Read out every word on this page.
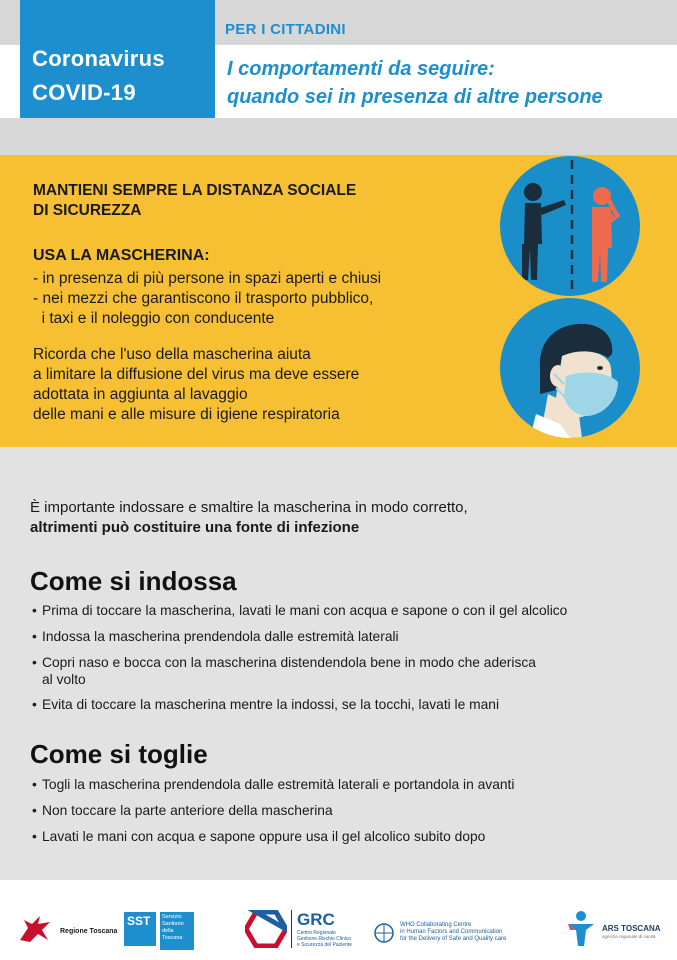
Coronavirus
COVID-19
PER I CITTADINI
I comportamenti da seguire:
quando sei in presenza di altre persone
MANTIENI SEMPRE LA DISTANZA SOCIALE
DI SICUREZZA
USA LA MASCHERINA:
- in presenza di più persone in spazi aperti e chiusi
- nei mezzi che garantiscono il trasporto pubblico,
i taxi e il noleggio con conducente
Ricorda che l'uso della mascherina aiuta
a limitare la diffusione del virus ma deve essere
adottata in aggiunta al lavaggio
delle mani e alle misure di igiene respiratoria
È importante indossare e smaltire la mascherina in modo corretto,
altrimenti può costituire una fonte di infezione
Come si indossa
• Prima di toccare la mascherina, lavati le mani con acqua e sapone o con il gel alcolico
• Indossa la mascherina prendendola dalle estremità laterali
• Copri naso e bocca con la mascherina distendendola bene in modo che aderisca
al volto
• Evita di toccare la mascherina mentre la indossi, se la tocchi, lavati le mani
Come si toglie
• Togli la mascherina prendendola dalle estremità laterali e portandola in avanti
• Non toccare la parte anteriore della mascherina
• Lavati le mani con acqua e sapone oppure usa il gel alcolico subito dopo
Regione Toscana
SST Servizio
Sanitario
della
Toscana
GRC
Centro Regionale
Gestione Rischio Clinico
e Sicurezza del Paziente
WHO Collaborating Centre
in Human Factors and Communication
for the Delivery of Safe and Quality care
ARS TOSCANA
agenzia regionale di sanità
